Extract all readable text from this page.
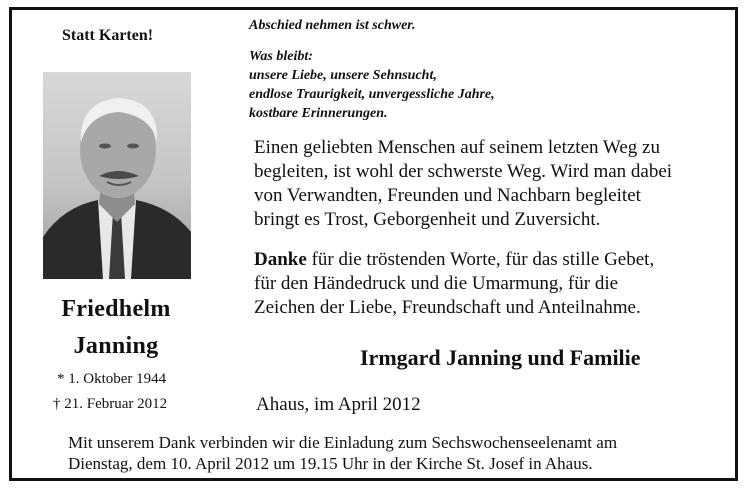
Statt Karten!
Friedhelm
Janning
* 1. Oktober 1944
† 21. Februar 2012
Abschied nehmen ist schwer.
Was bleibt:
unsere Liebe, unsere Sehnsucht,
endlose Traurigkeit, unvergessliche Jahre,
kostbare Erinnerungen.
Einen geliebten Menschen auf seinem letzten Weg zu
begleiten, ist wohl der schwerste Weg. Wird man dabei
von Verwandten, Freunden und Nachbarn begleitet
bringt es Trost, Geborgenheit und Zuversicht.
Danke für die tröstenden Worte, für das stille Gebet,
für den Händedruck und die Umarmung, für die
Zeichen der Liebe, Freundschaft und Anteilnahme.
Irmgard Janning und Familie
Ahaus, im April 2012
Mit unserem Dank verbinden wir die Einladung zum Sechswochenseelenamt am
Dienstag, dem 10. April 2012 um 19.15 Uhr in der Kirche St. Josef in Ahaus.
